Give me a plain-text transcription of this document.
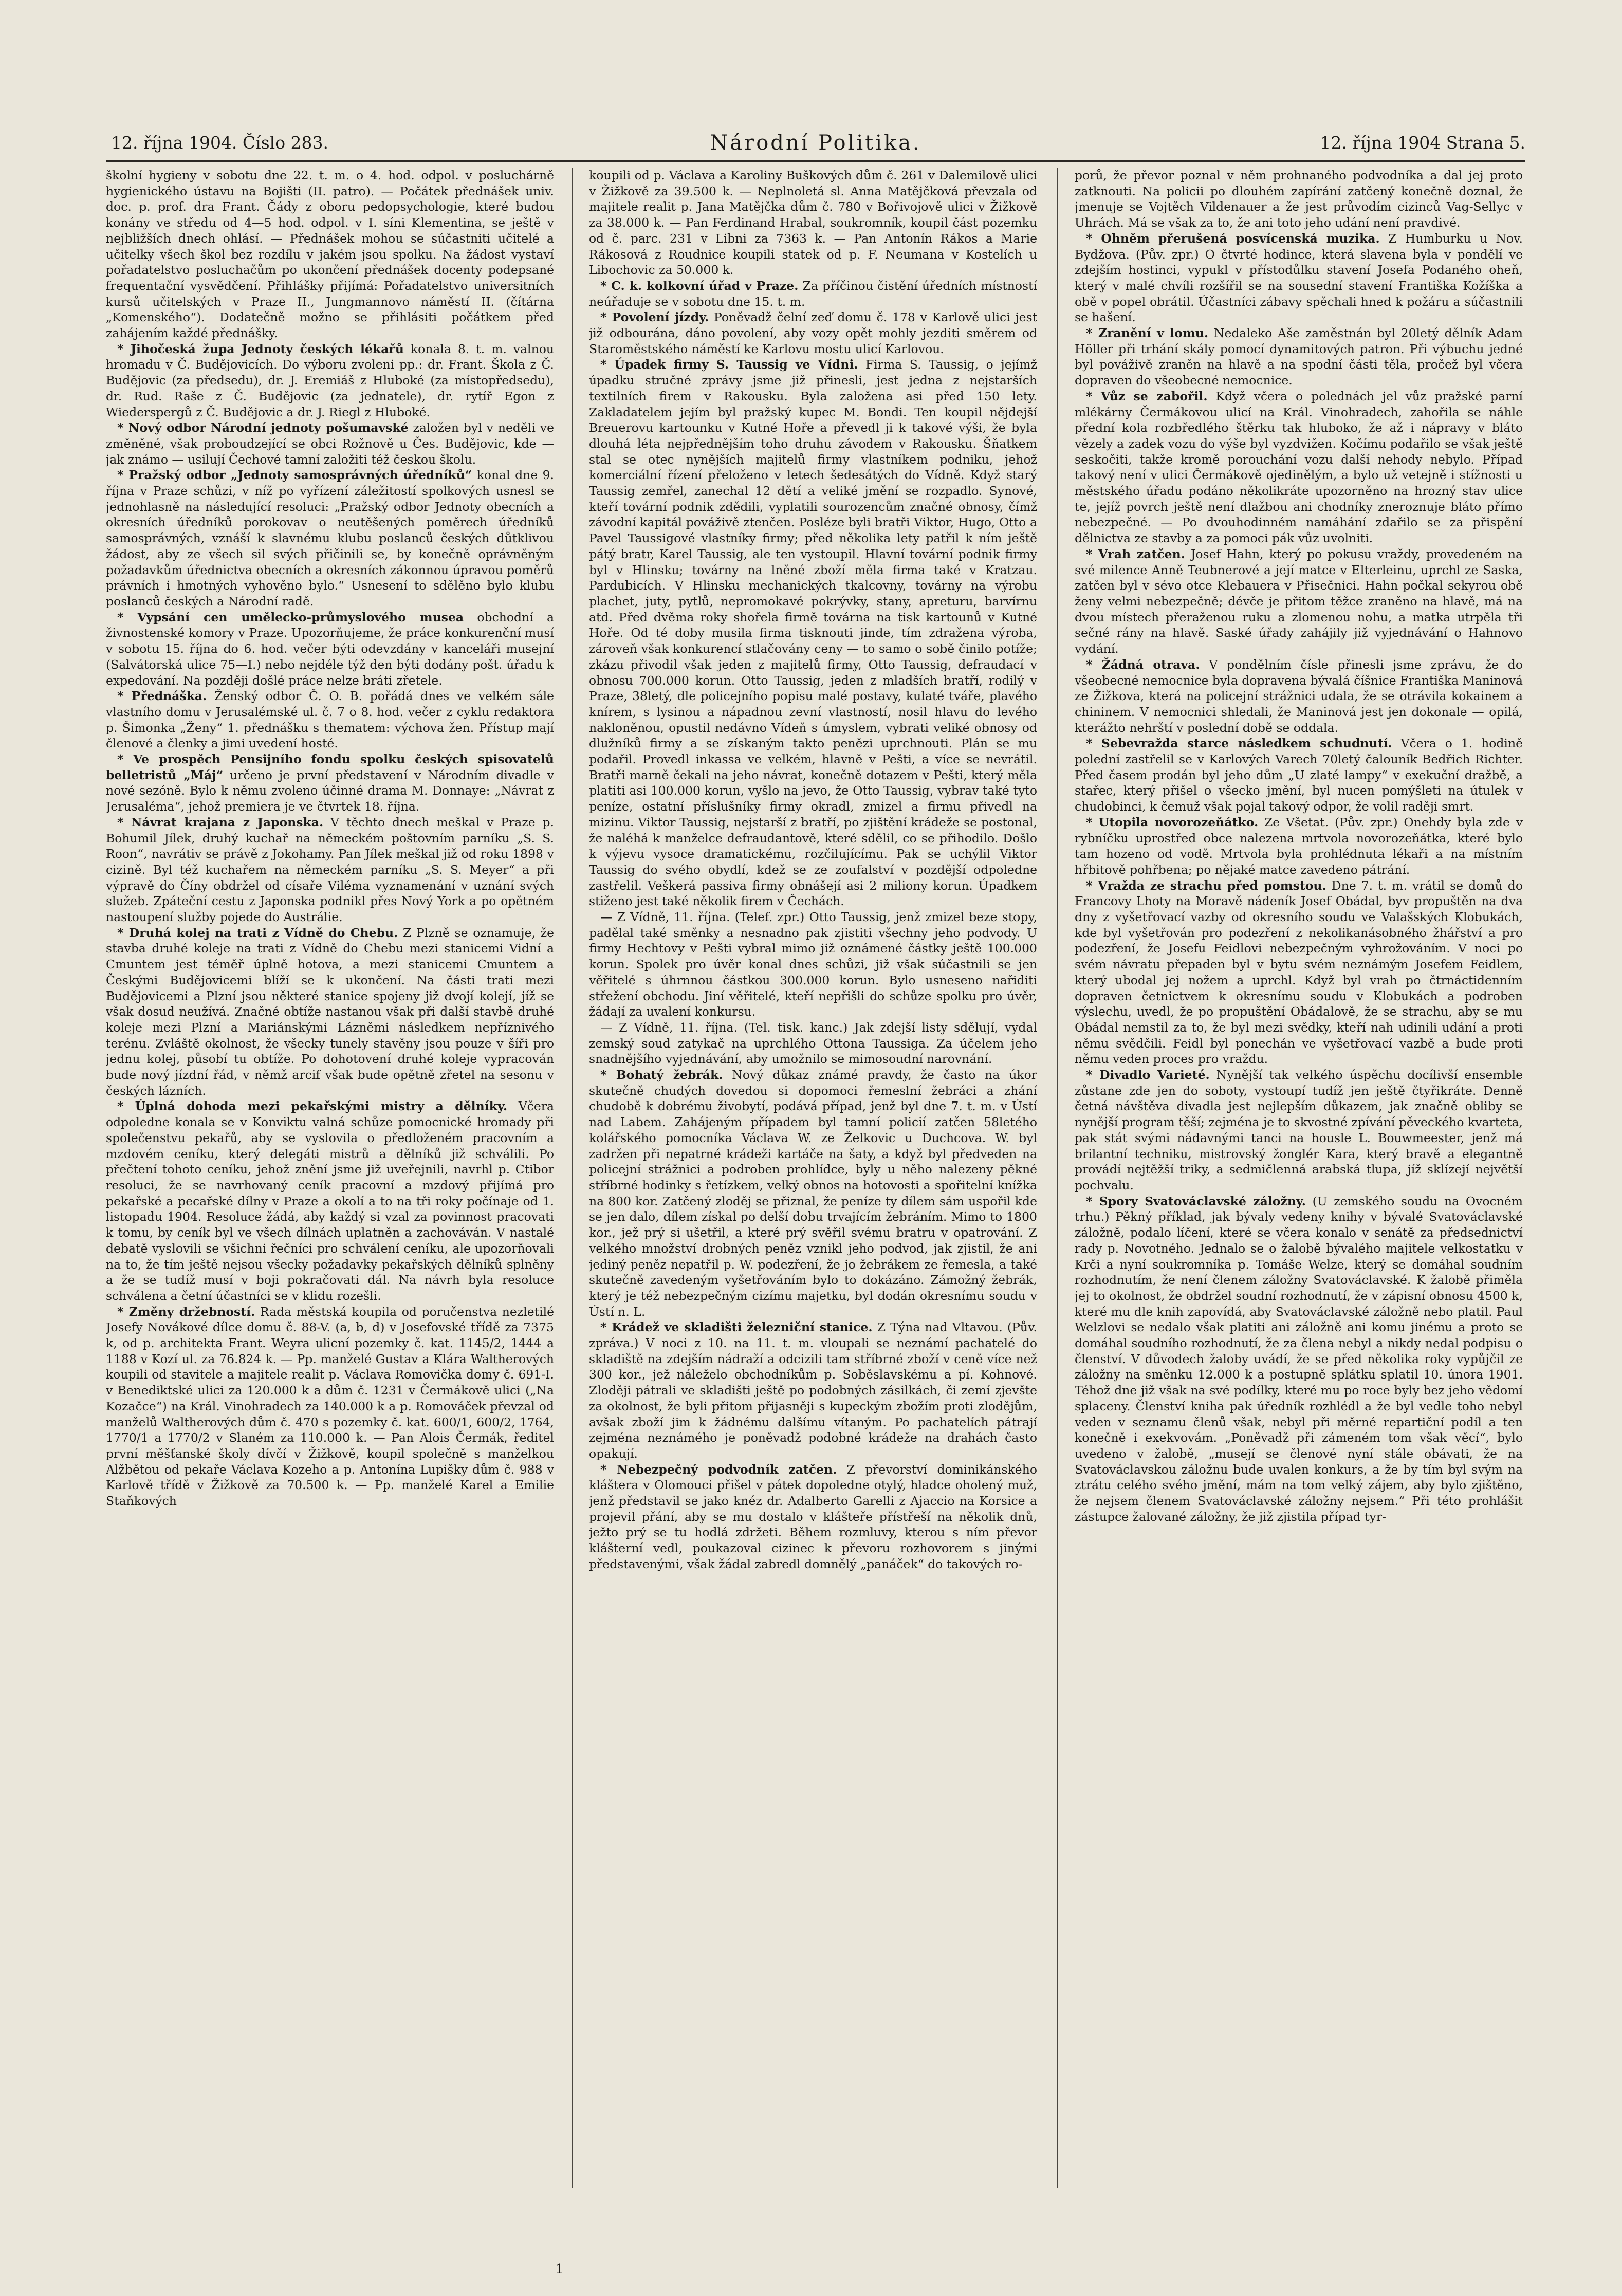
12. října 1904. Číslo 283.	Národní Politika.	12. října 1904 Strana 5.

školní hygieny v sobotu dne 22. t. m. o 4. hod. odpol. v posluchárně hygienického ústavu na Bojišti (II. patro). — Počátek přednášek univ. doc. p. prof. dra Frant. Čády z oboru pedopsychologie, které budou konány ve středu od 4—5 hod. odpol. v I. síni Klementina, se ještě v nejbližších dnech ohlásí. — Přednášek mohou se súčastniti učitelé a učitelky všech škol bez rozdílu v jakém jsou spolku. Na žádost vystaví pořadatelstvo posluchačům po ukončení přednášek docenty podepsané frequentační vysvědčení. Přihlášky přijímá: Pořadatelstvo universitních kursů učitelských v Praze II., Jungmannovo náměstí II. (čítárna „Komenského“). Dodatečně možno se přihlásiti počátkem před zahájením každé přednášky.

* Jihočeská župa Jednoty českých lékařů konala 8. t. m. valnou hromadu v Č. Budějovicích. Do výboru zvoleni pp.: dr. Frant. Škola z Č. Budějovic (za předsedu), dr. J. Eremiáš z Hluboké (za místopředsedu), dr. Rud. Raše z Č. Budějovic (za jednatele), dr. rytíř Egon z Wiederspergů z Č. Budějovic a dr. J. Riegl z Hluboké.

* Nový odbor Národní jednoty pošumavské založen byl v neděli ve změněné, však proboudzející se obci Rožnově u Čes. Budějovic, kde — jak známo — usilují Čechové tamní založiti též českou školu.

* Pražský odbor „Jednoty samosprávných úředníků“ konal dne 9. října v Praze schůzi, v níž po vyřízení záležitostí spolkových usnesl se jednohlasně na následující resoluci: „Pražský odbor Jednoty obecních a okresních úředníků porokovav o neutěšených poměrech úředníků samosprávných, vznáší k slavnému klubu poslanců českých důtklivou žádost, aby ze všech sil svých přičinili se, by konečně oprávněným požadavkům úřednictva obecních a okresních zákonnou úpravou poměrů právních i hmotných vyhověno bylo.“ Usnesení to sdělěno bylo klubu poslanců českých a Národní radě.

* Vypsání cen umělecko-průmyslového musea obchodní a živnostenské komory v Praze. Upozorňujeme, že práce konkurenční musí v sobotu 15. října do 6. hod. večer býti odevzdány v kanceláři musejní (Salvátorská ulice 75—I.) nebo nejdéle týž den býti dodány pošt. úřadu k expedování. Na později došlé práce nelze bráti zřetele.

* Přednáška. Ženský odbor Č. O. B. pořádá dnes ve velkém sále vlastního domu v Jerusalémské ul. č. 7 o 8. hod. večer z cyklu redaktora p. Šimonka „Ženy“ 1. přednášku s thematem: výchova žen. Přístup mají členové a členky a jimi uvedení hosté.

* Ve prospěch Pensijního fondu spolku českých spisovatelů belletristů „Máj“ určeno je první představení v Národním divadle v nové sezóně. Bylo k němu zvoleno účinné drama M. Donnaye: „Návrat z Jerusaléma“, jehož premiera je ve čtvrtek 18. října.

* Návrat krajana z Japonska. V těchto dnech meškal v Praze p. Bohumil Jílek, druhý kuchař na německém poštovním parníku „S. S. Roon“, navrátiv se právě z Jokohamy. Pan Jílek meškal již od roku 1898 v cizině. Byl též kuchařem na německém parníku „S. S. Meyer“ a při výpravě do Číny obdržel od císaře Viléma vyznamenání v uznání svých služeb. Zpáteční cestu z Japonska podnikl přes Nový York a po opětném nastoupení služby pojede do Austrálie.

* Druhá kolej na trati z Vídně do Chebu. Z Plzně se oznamuje, že stavba druhé koleje na trati z Vídně do Chebu mezi stanicemi Vidní a Cmuntem jest téměř úplně hotova, a mezi stanicemi Cmuntem a Českými Budějovicemi blíží se k ukončení. Na části trati mezi Budějovicemi a Plzní jsou některé stanice spojeny již dvojí kolejí, jíž se však dosud neužívá. Značné obtíže nastanou však při další stavbě druhé koleje mezi Plzní a Mariánskými Lázněmi následkem nepříznivého terénu. Zvláště okolnost, že všecky tunely stavěny jsou pouze v šíři pro jednu kolej, působí tu obtíže. Po dohotovení druhé koleje vypracován bude nový jízdní řád, v němž arcif však bude opětně zřetel na sesonu v českých lázních.

* Úplná dohoda mezi pekařskými mistry a dělníky. Včera odpoledne konala se v Konviktu valná schůze pomocnické hromady při společenstvu pekařů, aby se vyslovila o předloženém pracovním a mzdovém ceníku, který delegáti mistrů a dělníků již schválili. Po přečtení tohoto ceníku, jehož znění jsme již uveřejnili, navrhl p. Ctibor resoluci, že se navrhovaný ceník pracovní a mzdový přijímá pro pekařské a pecařské dílny v Praze a okolí a to na tři roky počínaje od 1. listopadu 1904. Resoluce žádá, aby každý si vzal za povinnost pracovati k tomu, by ceník byl ve všech dílnách uplatněn a zachováván. V nastalé debatě vyslovili se všichni řečníci pro schválení ceníku, ale upozorňovali na to, že tím ještě nejsou všecky požadavky pekařských dělníků splněny a že se tudíž musí v boji pokračovati dál. Na návrh byla resoluce schválena a četní účastníci se v klidu rozešli.

* Změny držebností. Rada městská koupila od poručenstva nezletilé Josefy Novákové dílce domu č. 88-V. (a, b, d) v Josefovské třídě za 7375 k, od p. architekta Frant. Weyra ulicní pozemky č. kat. 1145/2, 1444 a 1188 v Kozí ul. za 76.824 k. — Pp. manželé Gustav a Klára Waltherových koupili od stavitele a majitele realit p. Václava Romovička domy č. 691-I. v Benediktské ulici za 120.000 k a dům č. 1231 v Čermákově ulici („Na Kozačce“) na Král. Vinohradech za 140.000 k a p. Romováček převzal od manželů Waltherových dům č. 470 s pozemky č. kat. 600/1, 600/2, 1764, 1770/1 a 1770/2 v Slaném za 110.000 k. — Pan Alois Čermák, ředitel první měšťanské školy dívčí v Žižkově, koupil společně s manželkou Alžbětou od pekaře Václava Kozeho a p. Antonína Lupišky dům č. 988 v Karlově třídě v Žižkově za 70.500 k. — Pp. manželé Karel a Emilie Staňkových

koupili od p. Václava a Karoliny Buškových dům č. 261 v Dalemilově ulici v Žižkově za 39.500 k. — Neplnoletá sl. Anna Matějčková převzala od majitele realit p. Jana Matějčka dům č. 780 v Bořivojově ulici v Žižkově za 38.000 k. — Pan Ferdinand Hrabal, soukromník, koupil část pozemku od č. parc. 231 v Libni za 7363 k. — Pan Antonín Rákos a Marie Rákosová z Roudnice koupili statek od p. F. Neumana v Kostelích u Libochovic za 50.000 k.

* C. k. kolkovní úřad v Praze. Za příčinou čistění úředních místností neúřaduje se v sobotu dne 15. t. m.

* Povolení jízdy. Poněvadž čelní zeď domu č. 178 v Karlově ulici jest již odbourána, dáno povolení, aby vozy opět mohly jezditi směrem od Staroměstského náměstí ke Karlovu mostu ulicí Karlovou.

* Úpadek firmy S. Taussig ve Vídni. Firma S. Taussig, o jejímž úpadku stručné zprávy jsme již přinesli, jest jedna z nejstarších textilních firem v Rakousku. Byla založena asi před 150 lety. Zakladatelem jejím byl pražský kupec M. Bondi. Ten koupil nějdejší Breuerovu kartounku v Kutné Hoře a převedl ji k takové výši, že byla dlouhá léta nejpřednějším toho druhu závodem v Rakousku. Šňatkem stal se otec nynějších majitelů firmy vlastníkem podniku, jehož komerciální řízení přeloženo v letech šedesátých do Vídně. Když starý Taussig zemřel, zanechal 12 dětí a veliké jmění se rozpadlo. Synové, kteří tovární podnik zdědili, vyplatili sourozencům značné obnosy, čímž závodní kapitál pováživě ztenčen. Posléze byli bratři Viktor, Hugo, Otto a Pavel Taussigové vlastníky firmy; před několika lety patřil k ním ještě pátý bratr, Karel Taussig, ale ten vystoupil. Hlavní tovární podnik firmy byl v Hlinsku; továrny na lněné zboží měla firma také v Kratzau. Pardubicích. V Hlinsku mechanických tkalcovny, továrny na výrobu plachet, juty, pytlů, nepromokavé pokrývky, stany, apreturu, barvírnu atd. Před dvěma roky shořela firmě továrna na tisk kartounů v Kutné Hoře. Od té doby musila firma tisknouti jinde, tím zdražena výroba, zároveň však konkurencí stlačovány ceny — to samo o sobě činilo potíže; zkázu přivodil však jeden z majitelů firmy, Otto Taussig, defraudací v obnosu 700.000 korun. Otto Taussig, jeden z mladších bratří, rodilý v Praze, 38letý, dle policejního popisu malé postavy, kulaté tváře, plavého knírem, s lysinou a nápadnou zevní vlastností, nosil hlavu do levého nakloněnou, opustil nedávno Vídeň s úmyslem, vybrati veliké obnosy od dlužníků firmy a se získaným takto penězi uprchnouti. Plán se mu podařil. Provedl inkassa ve velkém, hlavně v Pešti, a více se nevrátil. Bratři marně čekali na jeho návrat, konečně dotazem v Pešti, který měla platiti asi 100.000 korun, vyšlo na jevo, že Otto Taussig, vybrav také tyto peníze, ostatní příslušníky firmy okradl, zmizel a firmu přivedl na mizinu. Viktor Taussig, nejstarší z bratří, po zjištění krádeže se postonal, že naléhá k manželce defraudantově, které sdělil, co se přihodilo. Došlo k výjevu vysoce dramatickému, rozčilujícímu. Pak se uchýlil Viktor Taussig do svého obydlí, kdež se ze zoufalství v pozdější odpoledne zastřelil. Veškerá passiva firmy obnášejí asi 2 miliony korun. Úpadkem stiženo jest také několik firem v Čechách.

— Z Vídně, 11. října. (Telef. zpr.) Otto Taussig, jenž zmizel beze stopy, padělal také směnky a nesnadno pak zjistiti všechny jeho podvody. U firmy Hechtovy v Pešti vybral mimo již oznámené částky ještě 100.000 korun. Spolek pro úvěr konal dnes schůzi, již však súčastnili se jen věřitelé s úhrnnou částkou 300.000 korun. Bylo usneseno nařiditi střežení obchodu. Jiní věřitelé, kteří nepřišli do schůze spolku pro úvěr, žádají za uvalení konkursu.

— Z Vídně, 11. října. (Tel. tisk. kanc.) Jak zdejší listy sdělují, vydal zemský soud zatykač na uprchlého Ottona Taussiga. Za účelem jeho snadnějšího vyjednávání, aby umožnilo se mimosoudní narovnání.

* Bohatý žebrák. Nový důkaz známé pravdy, že často na úkor skutečně chudých dovedou si dopomoci řemeslní žebráci a zhání chudobě k dobrému živobytí, podává případ, jenž byl dne 7. t. m. v Ústí nad Labem. Zahájeným případem byl tamní policií zatčen 58letého kolářského pomocníka Václava W. ze Želkovic u Duchcova. W. byl zadržen při nepatrné krádeži kartáče na šaty, a když byl předveden na policejní strážnici a podroben prohlídce, byly u něho nalezeny pěkné stříbrné hodinky s řetízkem, velký obnos na hotovosti a spořitelní knížka na 800 kor. Zatčený zloděj se přiznal, že peníze ty dílem sám uspořil kde se jen dalo, dílem získal po delší dobu trvajícím žebráním. Mimo to 1800 kor., jež prý si ušetřil, a které prý svěřil svému bratru v opatrování. Z velkého množství drobných peněz vznikl jeho podvod, jak zjistil, že ani jediný peněz nepatřil p. W. podezření, že jo žebrákem ze řemesla, a také skutečně zavedeným vyšetřováním bylo to dokázáno. Zámožný žebrák, který je též nebezpečným cizímu majetku, byl dodán okresnímu soudu v Ústí n. L.

* Krádež ve skladišti železniční stanice. Z Týna nad Vltavou. (Pův. zpráva.) V noci z 10. na 11. t. m. vloupali se neznámí pachatelé do skladiště na zdejším nádraží a odcizili tam stříbrné zboží v ceně více než 300 kor., jež náleželo obchodníkům p. Soběslavskému a pí. Kohnové. Zloději pátrali ve skladišti ještě po podobných zásilkách, či zemí zjevšte za okolnost, že byli přitom přijasněji s kupeckým zbožím proti zlodějům, avšak zboží jim k žádnému dalšímu vítaným. Po pachatelích pátrají zejména neznámého je poněvadž podobné krádeže na drahách často opakují.

* Nebezpečný podvodník zatčen. Z převorství dominikánského kláštera v Olomouci přišel v pátek dopoledne otylý, hladce oholený muž, jenž představil se jako knéz dr. Adalberto Garelli z Ajaccio na Korsice a projevil přání, aby se mu dostalo v klášteře přístřeší na několik dnů, ježto prý se tu hodlá zdržeti. Během rozmluvy, kterou s ním převor klášterní vedl, poukazoval cizinec k převoru rozhovorem s jinými představenými, však žádal zabredl domnělý „panáček“ do takových ro-

porů, že převor poznal v něm prohnaného podvodníka a dal jej proto zatknouti. Na policii po dlouhém zapírání zatčený konečně doznal, že jmenuje se Vojtěch Vildenauer a že jest průvodím cizinců Vag-Sellyc v Uhrách. Má se však za to, že ani toto jeho udání není pravdivé.

* Ohněm přerušená posvícenská muzika. Z Humburku u Nov. Bydžova. (Pův. zpr.) O čtvrté hodince, která slavena byla v pondělí ve zdejším hostinci, vypukl v přístodůlku stavení Josefa Podaného oheň, který v malé chvíli rozšířil se na sousední stavení Františka Kožíška a obě v popel obrátil. Účastníci zábavy spěchali hned k požáru a súčastnili se hašení.

* Zranění v lomu. Nedaleko Aše zaměstnán byl 20letý dělník Adam Höller při trhání skály pomocí dynamitových patron. Při výbuchu jedné byl pováživě zraněn na hlavě a na spodní části těla, pročež byl včera dopraven do všeobecné nemocnice.

* Vůz se zabořil. Když včera o polednách jel vůz pražské parní mlékárny Čermákovou ulicí na Král. Vinohradech, zahořila se náhle přední kola rozbředlého štěrku tak hluboko, že až i nápravy v bláto vězely a zadek vozu do výše byl vyzdvižen. Kočímu podařilo se však ještě seskočiti, takže kromě porouchání vozu další nehody nebylo. Případ takový není v ulici Čermákově ojedinělým, a bylo už vetejně i stížnosti u městského úřadu podáno několikráte upozorněno na hrozný stav ulice te, jejíž povrch ještě není dlažbou ani chodníky zneroznuje bláto přímo nebezpečné. — Po dvouhodinném namáhání zdařilo se za přispění dělnictva ze stavby a za pomoci pák vůz uvolniti.

* Vrah zatčen. Josef Hahn, který po pokusu vraždy, provedeném na své milence Anně Teubnerové a její matce v Elterleinu, uprchl ze Saska, zatčen byl v sévo otce Klebauera v Přisečnici. Hahn počkal sekyrou obě ženy velmi nebezpečně; dévče je přitom těžce zraněno na hlavě, má na dvou místech přeraženou ruku a zlomenou nohu, a matka utrpěla tři sečné rány na hlavě. Saské úřady zahájily již vyjednávání o Hahnovo vydání.

* Žádná otrava. V pondělním čísle přinesli jsme zprávu, že do všeobecné nemocnice byla dopravena bývalá číšnice Františka Maninová ze Žižkova, která na policejní strážnici udala, že se otrávila kokainem a chininem. V nemocnici shledali, že Maninová jest jen dokonale — opilá, kterážto nehrští v poslední době se oddala.

* Sebevražda starce následkem schudnutí. Včera o 1. hodině polední zastřelil se v Karlových Varech 70letý čalouník Bedřich Richter. Před časem prodán byl jeho dům „U zlaté lampy“ v exekuční dražbě, a stařec, který přišel o všecko jmění, byl nucen pomýšleti na útulek v chudobinci, k čemuž však pojal takový odpor, že volil raději smrt.

* Utopila novorozeňátko. Ze Všetat. (Pův. zpr.) Onehdy byla zde v rybníčku uprostřed obce nalezena mrtvola novorozeňátka, které bylo tam hozeno od vodě. Mrtvola byla prohlédnuta lékaři a na místním hřbitově pohřbena; po nějaké matce zavedeno pátrání.

* Vražda ze strachu před pomstou. Dne 7. t. m. vrátil se domů do Francovy Lhoty na Moravě nádeník Josef Obádal, byv propuštěn na dva dny z vyšetřovací vazby od okresního soudu ve Valašských Klobukách, kde byl vyšetřován pro podezření z nekolikanásobného žhářství a pro podezření, že Josefu Feidlovi nebezpečným vyhrožováním. V noci po svém návratu přepaden byl v bytu svém neznámým Josefem Feidlem, který ubodal jej nožem a uprchl. Když byl vrah po čtrnáctidenním dopraven četnictvem k okresnímu soudu v Klobukách a podroben výslechu, uvedl, že po propuštění Obádalově, že se strachu, aby se mu Obádal nemstil za to, že byl mezi svědky, kteří nah udinili udání a proti němu svědčili. Feidl byl ponechán ve vyšetřovací vazbě a bude proti němu veden proces pro vraždu.

* Divadlo Varieté. Nynější tak velkého úspěchu docílivší ensemble zůstane zde jen do soboty, vystoupí tudíž jen ještě čtyřikráte. Denně četná návštěva divadla jest nejlepším důkazem, jak značně obliby se nynější program těší; zejména je to skvostné zpívání pěveckého kvarteta, pak stát svými nádavnými tanci na housle L. Bouwmeester, jenž má brilantní techniku, mistrovský žonglér Kara, který bravě a elegantně provádí nejtěžší triky, a sedmičlenná arabská tlupa, jíž sklízejí největší pochvalu.

* Spory Svatováclavské záložny. (U zemského soudu na Ovocném trhu.) Pěkný příklad, jak bývaly vedeny knihy v bývalé Svatováclavské záložně, podalo líčení, které se včera konalo v senátě za předsednictví rady p. Novotného. Jednalo se o žalobě bývalého majitele velkostatku v Krči a nyní soukromníka p. Tomáše Welze, který se domáhal soudním rozhodnutím, že není členem záložny Svatováclavské. K žalobě přiměla jej to okolnost, že obdržel soudní rozhodnutí, že v zápisní obnosu 4500 k, které mu dle knih zapovídá, aby Svatováclavské záložně nebo platil. Paul Welzlovi se nedalo však platiti ani záložně ani komu jinému a proto se domáhal soudního rozhodnutí, že za člena nebyl a nikdy nedal podpisu o členství. V důvodech žaloby uvádí, že se před několika roky vypůjčil ze záložny na směnku 12.000 k a postupně splátku splatil 10. února 1901. Téhož dne již však na své podílky, které mu po roce byly bez jeho vědomí splaceny. Členství kniha pak úředník rozhlédl a že byl vedle toho nebyl veden v seznamu členů však, nebyl při měrné repartiční podíl a ten konečně i exekvovám. „Poněvadž při zámeném tom však věcí“, bylo uvedeno v žalobě, „musejí se členové nyní stále obávati, že na Svatováclavskou záložnu bude uvalen konkurs, a že by tím byl svým na ztrátu celého svého jmění, mám na tom velký zájem, aby bylo zjištěno, že nejsem členem Svatováclavské záložny nejsem.“ Při této prohlášit zástupce žalované záložny, že již zjistila případ tyr-

1
